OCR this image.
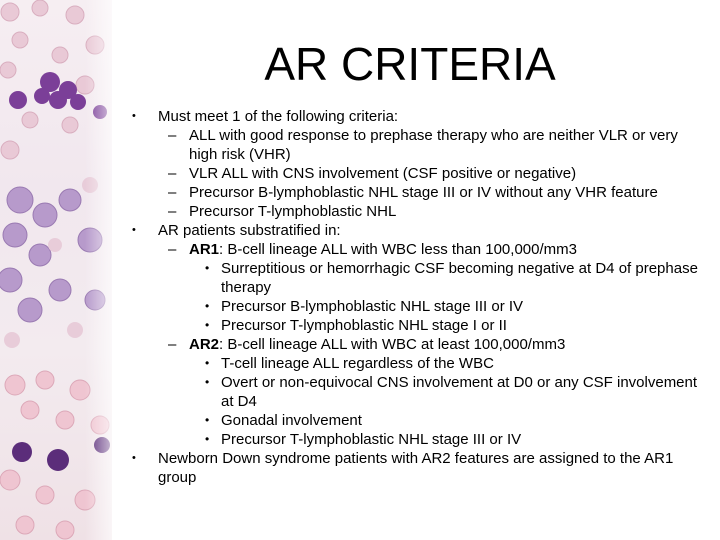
AR CRITERIA
• Must meet 1 of the following criteria:
– ALL with good response to prephase therapy who are neither VLR or very high risk (VHR)
– VLR ALL with CNS involvement (CSF positive or negative)
– Precursor B-lymphoblastic NHL stage III or IV without any VHR feature
– Precursor T-lymphoblastic NHL
• AR patients substratified in:
– AR1: B-cell lineage ALL with WBC less than 100,000/mm3
• Surreptitious or hemorrhagic CSF becoming negative at D4 of prephase therapy
• Precursor B-lymphoblastic NHL stage III or IV
• Precursor T-lymphoblastic NHL stage I or II
– AR2: B-cell lineage ALL with WBC at least 100,000/mm3
• T-cell lineage ALL regardless of the WBC
• Overt or non-equivocal CNS involvement at D0 or any CSF involvement at D4
• Gonadal involvement
• Precursor T-lymphoblastic NHL stage III or IV
• Newborn Down syndrome patients with AR2 features are assigned to the AR1 group
